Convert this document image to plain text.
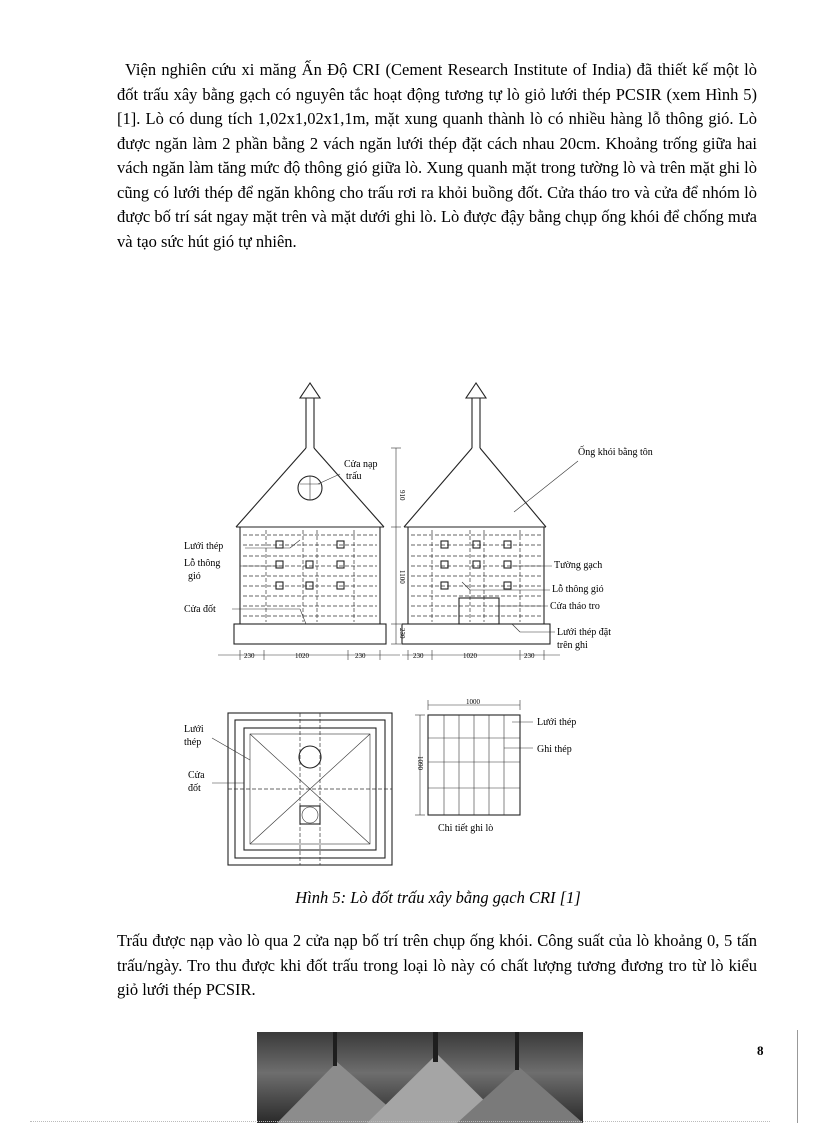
Viện nghiên cứu xi măng Ấn Độ CRI (Cement Research Institute of India) đã thiết kế một lò đốt trấu xây bằng gạch có nguyên tắc hoạt động tương tự lò giỏ lưới thép PCSIR (xem Hình 5) [1]. Lò có dung tích 1,02x1,02x1,1m, mặt xung quanh thành lò có nhiều hàng lỗ thông gió. Lò được ngăn làm 2 phần bằng 2 vách ngăn lưới thép đặt cách nhau 20cm. Khoảng trống giữa hai vách ngăn làm tăng mức độ thông gió giữa lò. Xung quanh mặt trong tường lò và trên mặt ghi lò cũng có lưới thép để ngăn không cho trấu rơi ra khỏi buồng đốt. Cửa tháo tro và cửa để nhóm lò được bố trí sát ngay mặt trên và mặt dưới ghi lò. Lò được đậy bằng chụp ống khói để chống mưa và tạo sức hút gió tự nhiên.
230	1020	230
910
1100
230
230	1020	230
Cửa nạp
trấu
Lưới thép
Lỗ thông
gió
Cửa đốt
Ống khói bằng tôn
Tường gạch
Lỗ thông gió
Cửa tháo tro
Lưới thép đặt
trên ghi
Lưới
thép
Cửa
đốt
1000
1090
Lưới thép
Ghi thép
Chi tiết ghi lò
Hình 5: Lò đốt trấu xây bằng gạch CRI [1]
Trấu được nạp vào lò qua 2 cửa nạp bố trí trên chụp ống khói. Công suất của lò khoảng 0, 5 tấn trấu/ngày. Tro thu được khi đốt trấu trong loại lò này có chất lượng tương đương tro từ lò kiểu giỏ lưới thép PCSIR.
8
